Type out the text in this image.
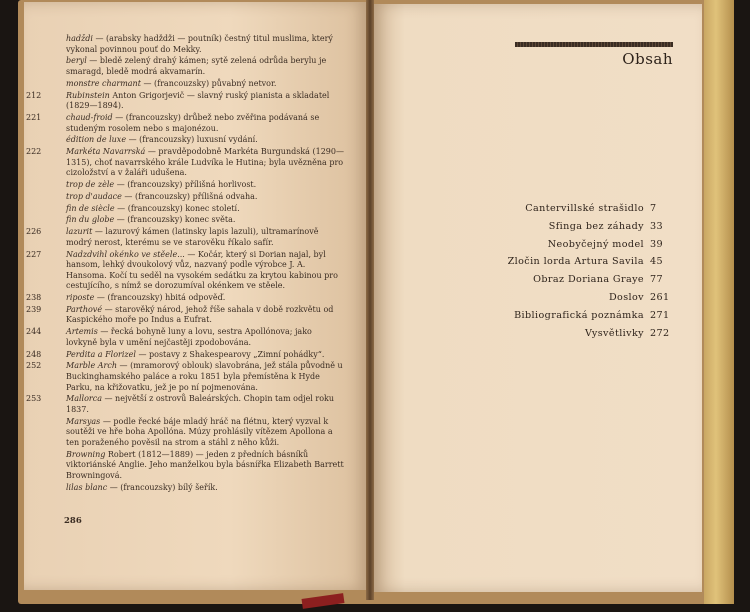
hadždi — (arabsky hadždži — poutník) čestný titul muslima, který vykonal povinnou pouť do Mekky.
beryl — bledě zelený drahý kámen; sytě zelená odrůda berylu je smaragd, bledě modrá akvamarín.
monstre charmant — (francouzsky) půvabný netvor.
212	Rubinstein Anton Grigorjevič — slavný ruský pianista a skladatel (1829—1894).
221	chaud-froid — (francouzsky) drůbež nebo zvěřina podávaná se studeným rosolem nebo s majonézou.
édition de luxe — (francouzsky) luxusní vydání.
222	Markéta Navarrská — pravděpodobně Markéta Burgundská (1290—1315), choť navarrského krále Ludvíka le Hutina; byla uvězněna pro cizoložství a v žaláři udušena.
trop de zèle — (francouzsky) přílišná horlivost.
trop d'audace — (francouzsky) přílišná odvaha.
fin de siècle — (francouzsky) konec století.
fin du globe — (francouzsky) konec světa.
226	lazurit — lazurový kámen (latinsky lapis lazuli), ultramarínově modrý nerost, kterému se ve starověku říkalo safír.
227	Nadzdvihl okénko ve stěele... — Kočár, který si Dorian najal, byl hansom, lehký dvoukolový vůz, nazvaný podle výrobce J. A. Hansoma. Kočí tu seděl na vysokém sedátku za krytou kabinou pro cestujícího, s nímž se dorozumíval okénkem ve stěele.
238	riposte — (francouzsky) hbitá odpověď.
239	Parthové — starověký národ, jehož říše sahala v době rozkvětu od Kaspického moře po Indus a Eufrat.
244	Artemis — řecká bohyně luny a lovu, sestra Apollónova; jako lovkyně byla v umění nejčastěji zpodobována.
248	Perdita a Florizel — postavy z Shakespearovy „Zimní pohádky“.
252	Marble Arch — (mramorový oblouk) slavobrána, jež stála původně u Buckinghamského paláce a roku 1851 byla přemístěna k Hyde Parku, na křižovatku, jež je po ní pojmenována.
253	Mallorca — největší z ostrovů Baleárských. Chopin tam odjel roku 1837.
Marsyas — podle řecké báje mladý hráč na flétnu, který vyzval k soutěži ve hře boha Apollóna. Múzy prohlásily vítězem Apollona a ten poraženého pověsil na strom a stáhl z něho kůži.
Browning Robert (1812—1889) — jeden z předních básníků viktoriánské Anglie. Jeho manželkou byla básnířka Elizabeth Barrett Browningová.
lilas blanc — (francouzsky) bílý šeřík.
286
Obsah
Cantervillské strašidlo 7
Sfinga bez záhady 33
Neobyčejný model 39
Zločin lorda Artura Savila 45
Obraz Doriana Graye 77
Doslov 261
Bibliografická poznámka 271
Vysvětlivky 272
